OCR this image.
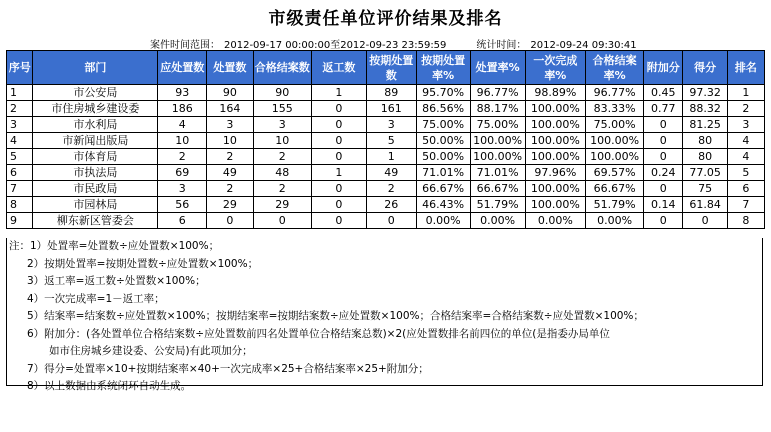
市级责任单位评价结果及排名
案件时间范围： 2012-09-17 00:00:00至2012-09-23 23:59:59	统计时间： 2012-09-24 09:30:41
序号	部门	应处置数	处置数	合格结案数	返工数	按期处置数	按期处置率%	处置率%	一次完成率%	合格结案率%	附加分	得分	排名
1	市公安局	93	90	90	1	89	95.70%	96.77%	98.89%	96.77%	0.45	97.32	1
2	市住房城乡建设委	186	164	155	0	161	86.56%	88.17%	100.00%	83.33%	0.77	88.32	2
3	市水利局	4	3	3	0	3	75.00%	75.00%	100.00%	75.00%	0	81.25	3
4	市新闻出版局	10	10	10	0	5	50.00%	100.00%	100.00%	100.00%	0	80	4
5	市体育局	2	2	2	0	1	50.00%	100.00%	100.00%	100.00%	0	80	4
6	市执法局	69	49	48	1	49	71.01%	71.01%	97.96%	69.57%	0.24	77.05	5
7	市民政局	3	2	2	0	2	66.67%	66.67%	100.00%	66.67%	0	75	6
8	市园林局	56	29	29	0	26	46.43%	51.79%	100.00%	51.79%	0.14	61.84	7
9	柳东新区管委会	6	0	0	0	0	0.00%	0.00%	0.00%	0.00%	0	0	8
注：1）处置率=处置数÷应处置数×100%；
2）按期处置率=按期处置数÷应处置数×100%；
3）返工率=返工数÷处置数×100%；
4）一次完成率=1－返工率；
5）结案率=结案数÷应处置数×100%；按期结案率=按期结案数÷应处置数×100%；合格结案率=合格结案数÷应处置数×100%；
6）附加分：(各处置单位合格结案数÷应处置数前四名处置单位合格结案总数)×2(应处置数排名前四位的单位(是指委办局单位
如市住房城乡建设委、公安局)有此项加分；
7）得分=处置率×10+按期结案率×40+一次完成率×25+合格结案率×25+附加分；
8）以上数据由系统闭环自动生成。
